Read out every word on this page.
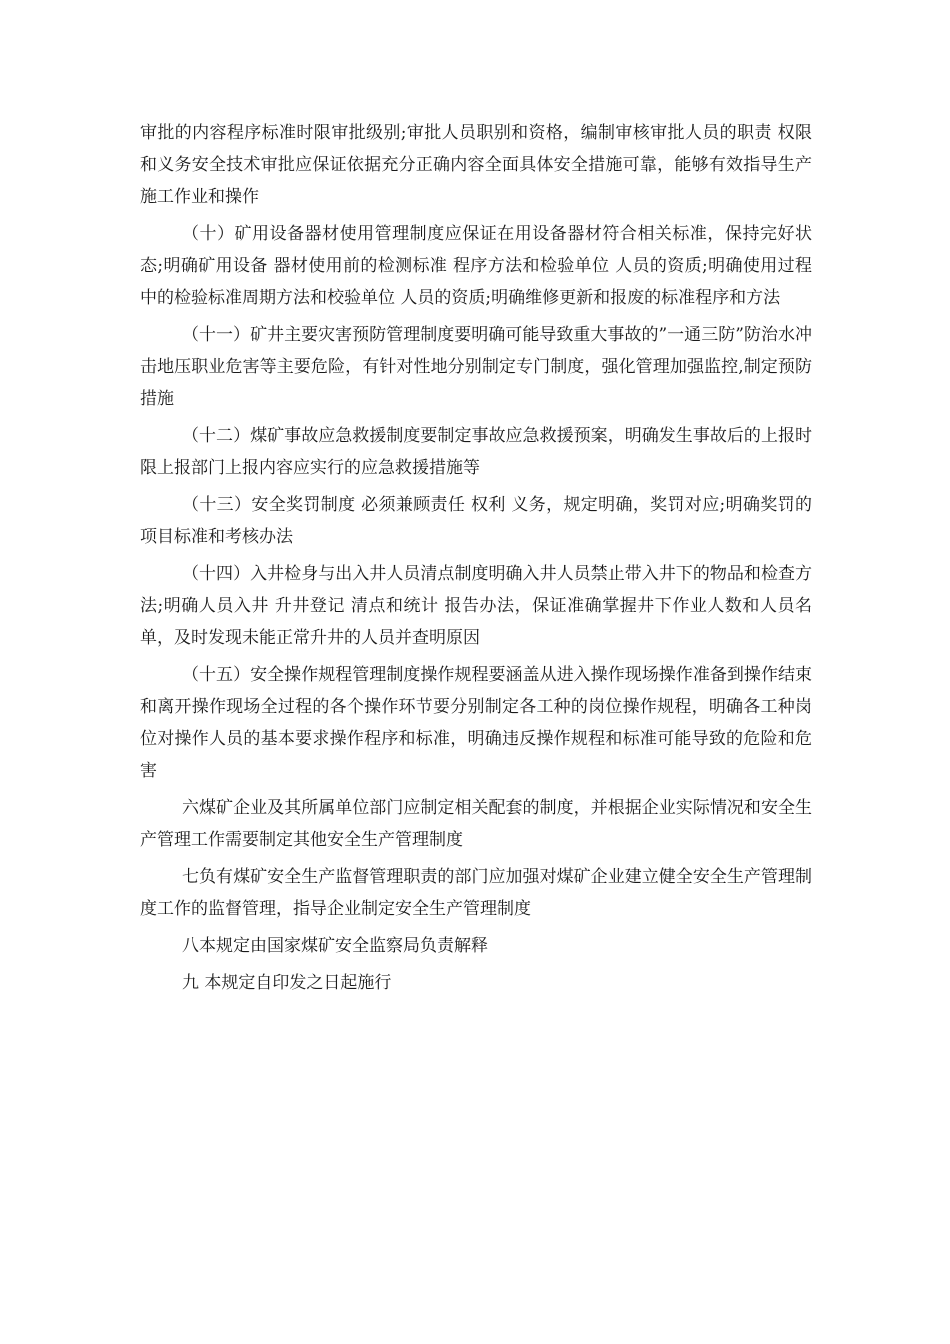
审批的内容程序标准时限审批级别;审批人员职别和资格，编制审核审批人员的职责 权限和义务安全技术审批应保证依据充分正确内容全面具体安全措施可靠，能够有效指导生产施工作业和操作

（十）矿用设备器材使用管理制度应保证在用设备器材符合相关标准，保持完好状态;明确矿用设备 器材使用前的检测标准 程序方法和检验单位 人员的资质;明确使用过程中的检验标准周期方法和校验单位 人员的资质;明确维修更新和报废的标准程序和方法

（十一）矿井主要灾害预防管理制度要明确可能导致重大事故的”一通三防”防治水冲击地压职业危害等主要危险，有针对性地分别制定专门制度，强化管理加强监控,制定预防措施

（十二）煤矿事故应急救援制度要制定事故应急救援预案，明确发生事故后的上报时限上报部门上报内容应实行的应急救援措施等

（十三）安全奖罚制度 必须兼顾责任 权利 义务，规定明确，奖罚对应;明确奖罚的项目标准和考核办法

（十四）入井检身与出入井人员清点制度明确入井人员禁止带入井下的物品和检查方法;明确人员入井 升井登记 清点和统计 报告办法，保证准确掌握井下作业人数和人员名单，及时发现未能正常升井的人员并查明原因

（十五）安全操作规程管理制度操作规程要涵盖从进入操作现场操作准备到操作结束和离开操作现场全过程的各个操作环节要分别制定各工种的岗位操作规程，明确各工种岗位对操作人员的基本要求操作程序和标准，明确违反操作规程和标准可能导致的危险和危害

六煤矿企业及其所属单位部门应制定相关配套的制度，并根据企业实际情况和安全生产管理工作需要制定其他安全生产管理制度

七负有煤矿安全生产监督管理职责的部门应加强对煤矿企业建立健全安全生产管理制度工作的监督管理，指导企业制定安全生产管理制度

八本规定由国家煤矿安全监察局负责解释

九 本规定自印发之日起施行
